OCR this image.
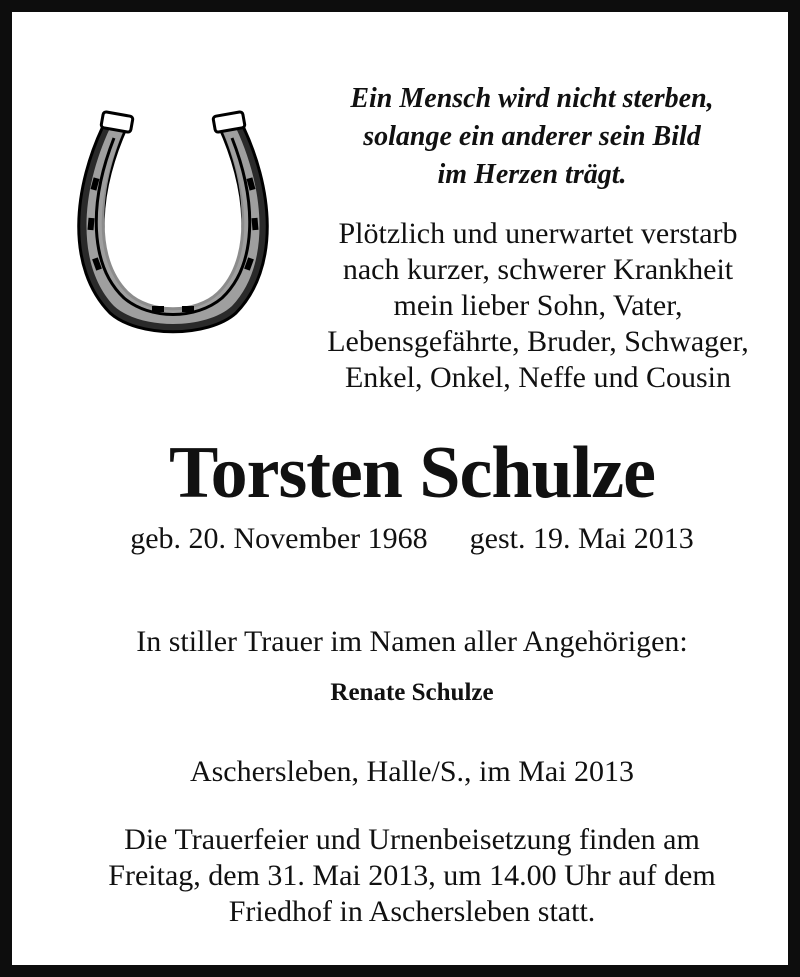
Ein Mensch wird nicht sterben,
solange ein anderer sein Bild
im Herzen trägt.
Plötzlich und unerwartet verstarb
nach kurzer, schwerer Krankheit
mein lieber Sohn, Vater,
Lebensgefährte, Bruder, Schwager,
Enkel, Onkel, Neffe und Cousin
Torsten Schulze
geb. 20. November 1968 gest. 19. Mai 2013
In stiller Trauer im Namen aller Angehörigen:
Renate Schulze
Aschersleben, Halle/S., im Mai 2013
Die Trauerfeier und Urnenbeisetzung finden am
Freitag, dem 31. Mai 2013, um 14.00 Uhr auf dem
Friedhof in Aschersleben statt.
